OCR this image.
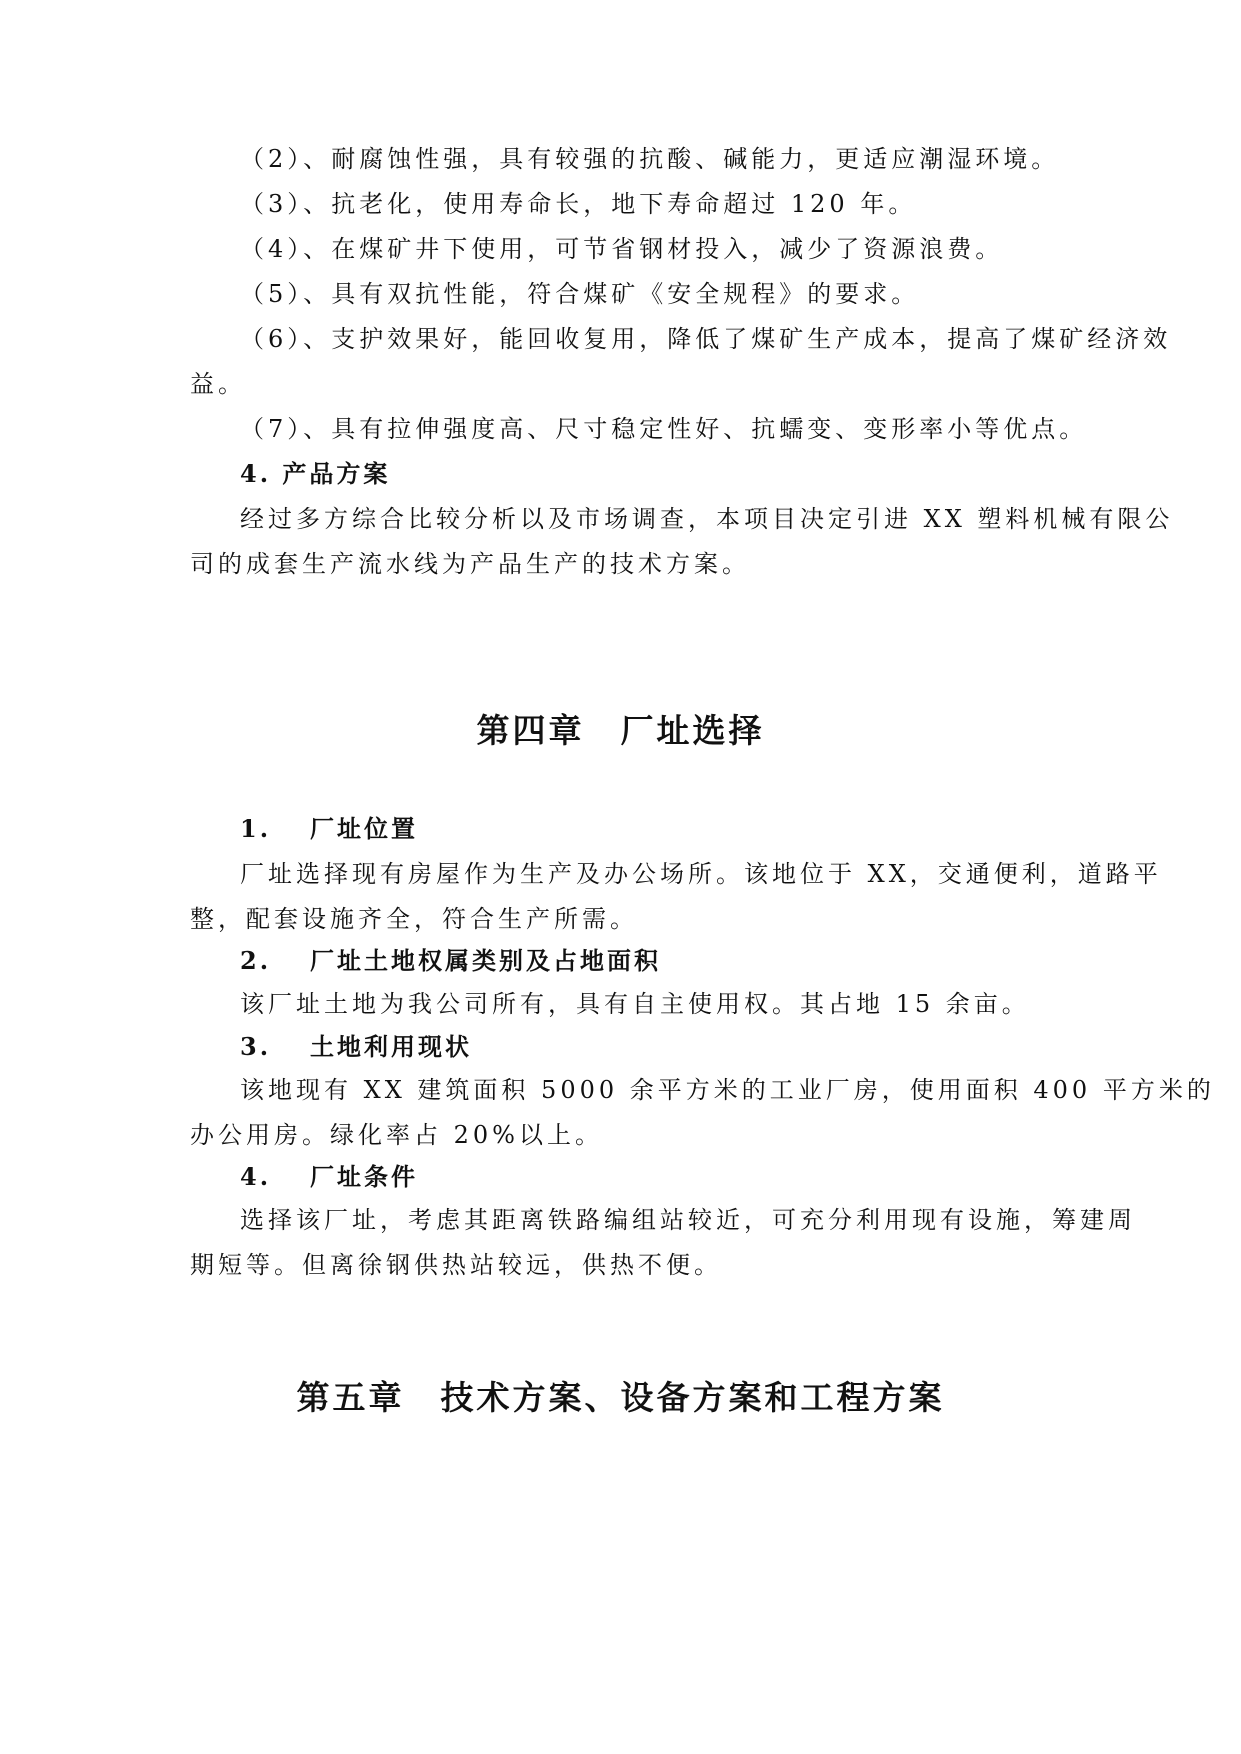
（2）、耐腐蚀性强，具有较强的抗酸、碱能力，更适应潮湿环境。
（3）、抗老化，使用寿命长，地下寿命超过 120 年。
（4）、在煤矿井下使用，可节省钢材投入，减少了资源浪费。
（5）、具有双抗性能，符合煤矿《安全规程》的要求。
（6）、支护效果好，能回收复用，降低了煤矿生产成本，提高了煤矿经济效
益。
（7）、具有拉伸强度高、尺寸稳定性好、抗蠕变、变形率小等优点。
4. 产品方案
经过多方综合比较分析以及市场调查，本项目决定引进 XX 塑料机械有限公
司的成套生产流水线为产品生产的技术方案。
第四章　厂址选择
1. 厂址位置
厂址选择现有房屋作为生产及办公场所。该地位于 XX，交通便利，道路平
整，配套设施齐全，符合生产所需。
2. 厂址土地权属类别及占地面积
该厂址土地为我公司所有，具有自主使用权。其占地 15 余亩。
3. 土地利用现状
该地现有 XX 建筑面积 5000 余平方米的工业厂房，使用面积 400 平方米的
办公用房。绿化率占 20%以上。
4. 厂址条件
选择该厂址，考虑其距离铁路编组站较近，可充分利用现有设施，筹建周
期短等。但离徐钢供热站较远，供热不便。
第五章　技术方案、设备方案和工程方案
